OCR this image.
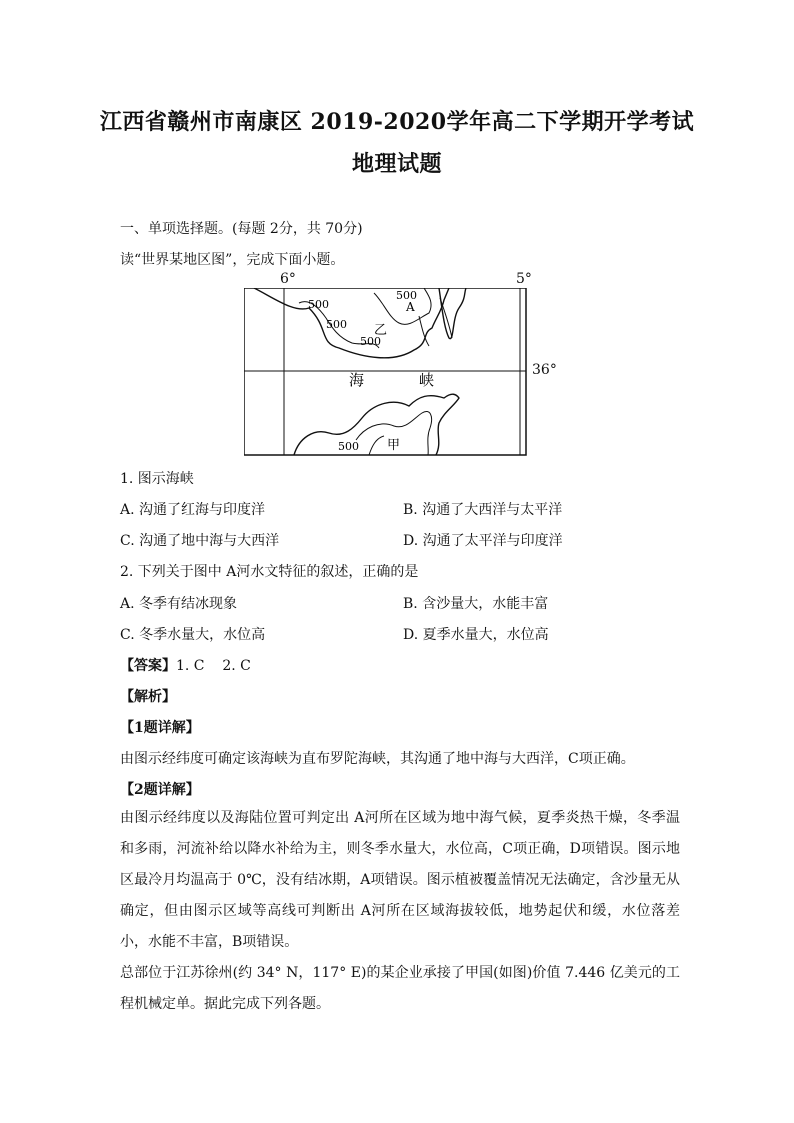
江西省赣州市南康区 2019-2020学年高二下学期开学考试
地理试题
一、单项选择题。(每题 2分，共 70分)
读“世界某地区图”，完成下面小题。
500
500
500
500
500
A
乙
甲
海	峡
6°	5°
36°
1. 图示海峡
A. 沟通了红海与印度洋	B. 沟通了大西洋与太平洋
C. 沟通了地中海与大西洋	D. 沟通了太平洋与印度洋
2. 下列关于图中 A河水文特征的叙述，正确的是
A. 冬季有结冰现象	B. 含沙量大，水能丰富
C. 冬季水量大，水位高	D. 夏季水量大，水位高
【答案】1. C    2. C
【解析】
【1题详解】
由图示经纬度可确定该海峡为直布罗陀海峡，其沟通了地中海与大西洋，C项正确。
【2题详解】
由图示经纬度以及海陆位置可判定出 A河所在区域为地中海气候，夏季炎热干燥，冬季温和多雨，河流补给以降水补给为主，则冬季水量大，水位高，C项正确，D项错误。图示地区最冷月均温高于 0℃，没有结冰期，A项错误。图示植被覆盖情况无法确定，含沙量无从确定，但由图示区域等高线可判断出 A河所在区域海拔较低，地势起伏和缓，水位落差小，水能不丰富，B项错误。
总部位于江苏徐州(约 34° N，117° E)的某企业承接了甲国(如图)价值 7.446 亿美元的工程机械定单。据此完成下列各题。
